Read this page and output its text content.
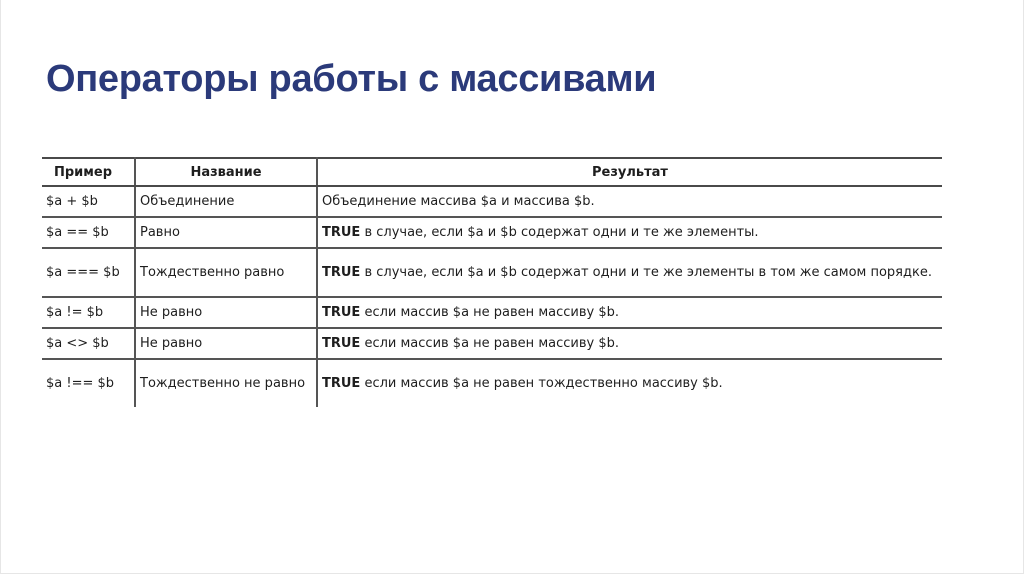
Операторы работы с массивами
Пример	Название	Результат
$a + $b	Объединение	Объединение массива $a и массива $b.
$a == $b	Равно	TRUE в случае, если $a и $b содержат одни и те же элементы.
$a === $b	Тождественно равно	TRUE в случае, если $a и $b содержат одни и те же элементы в том же самом порядке.
$a != $b	Не равно	TRUE если массив $a не равен массиву $b.
$a <> $b	Не равно	TRUE если массив $a не равен массиву $b.
$a !== $b	Тождественно не равно	TRUE если массив $a не равен тождественно массиву $b.
